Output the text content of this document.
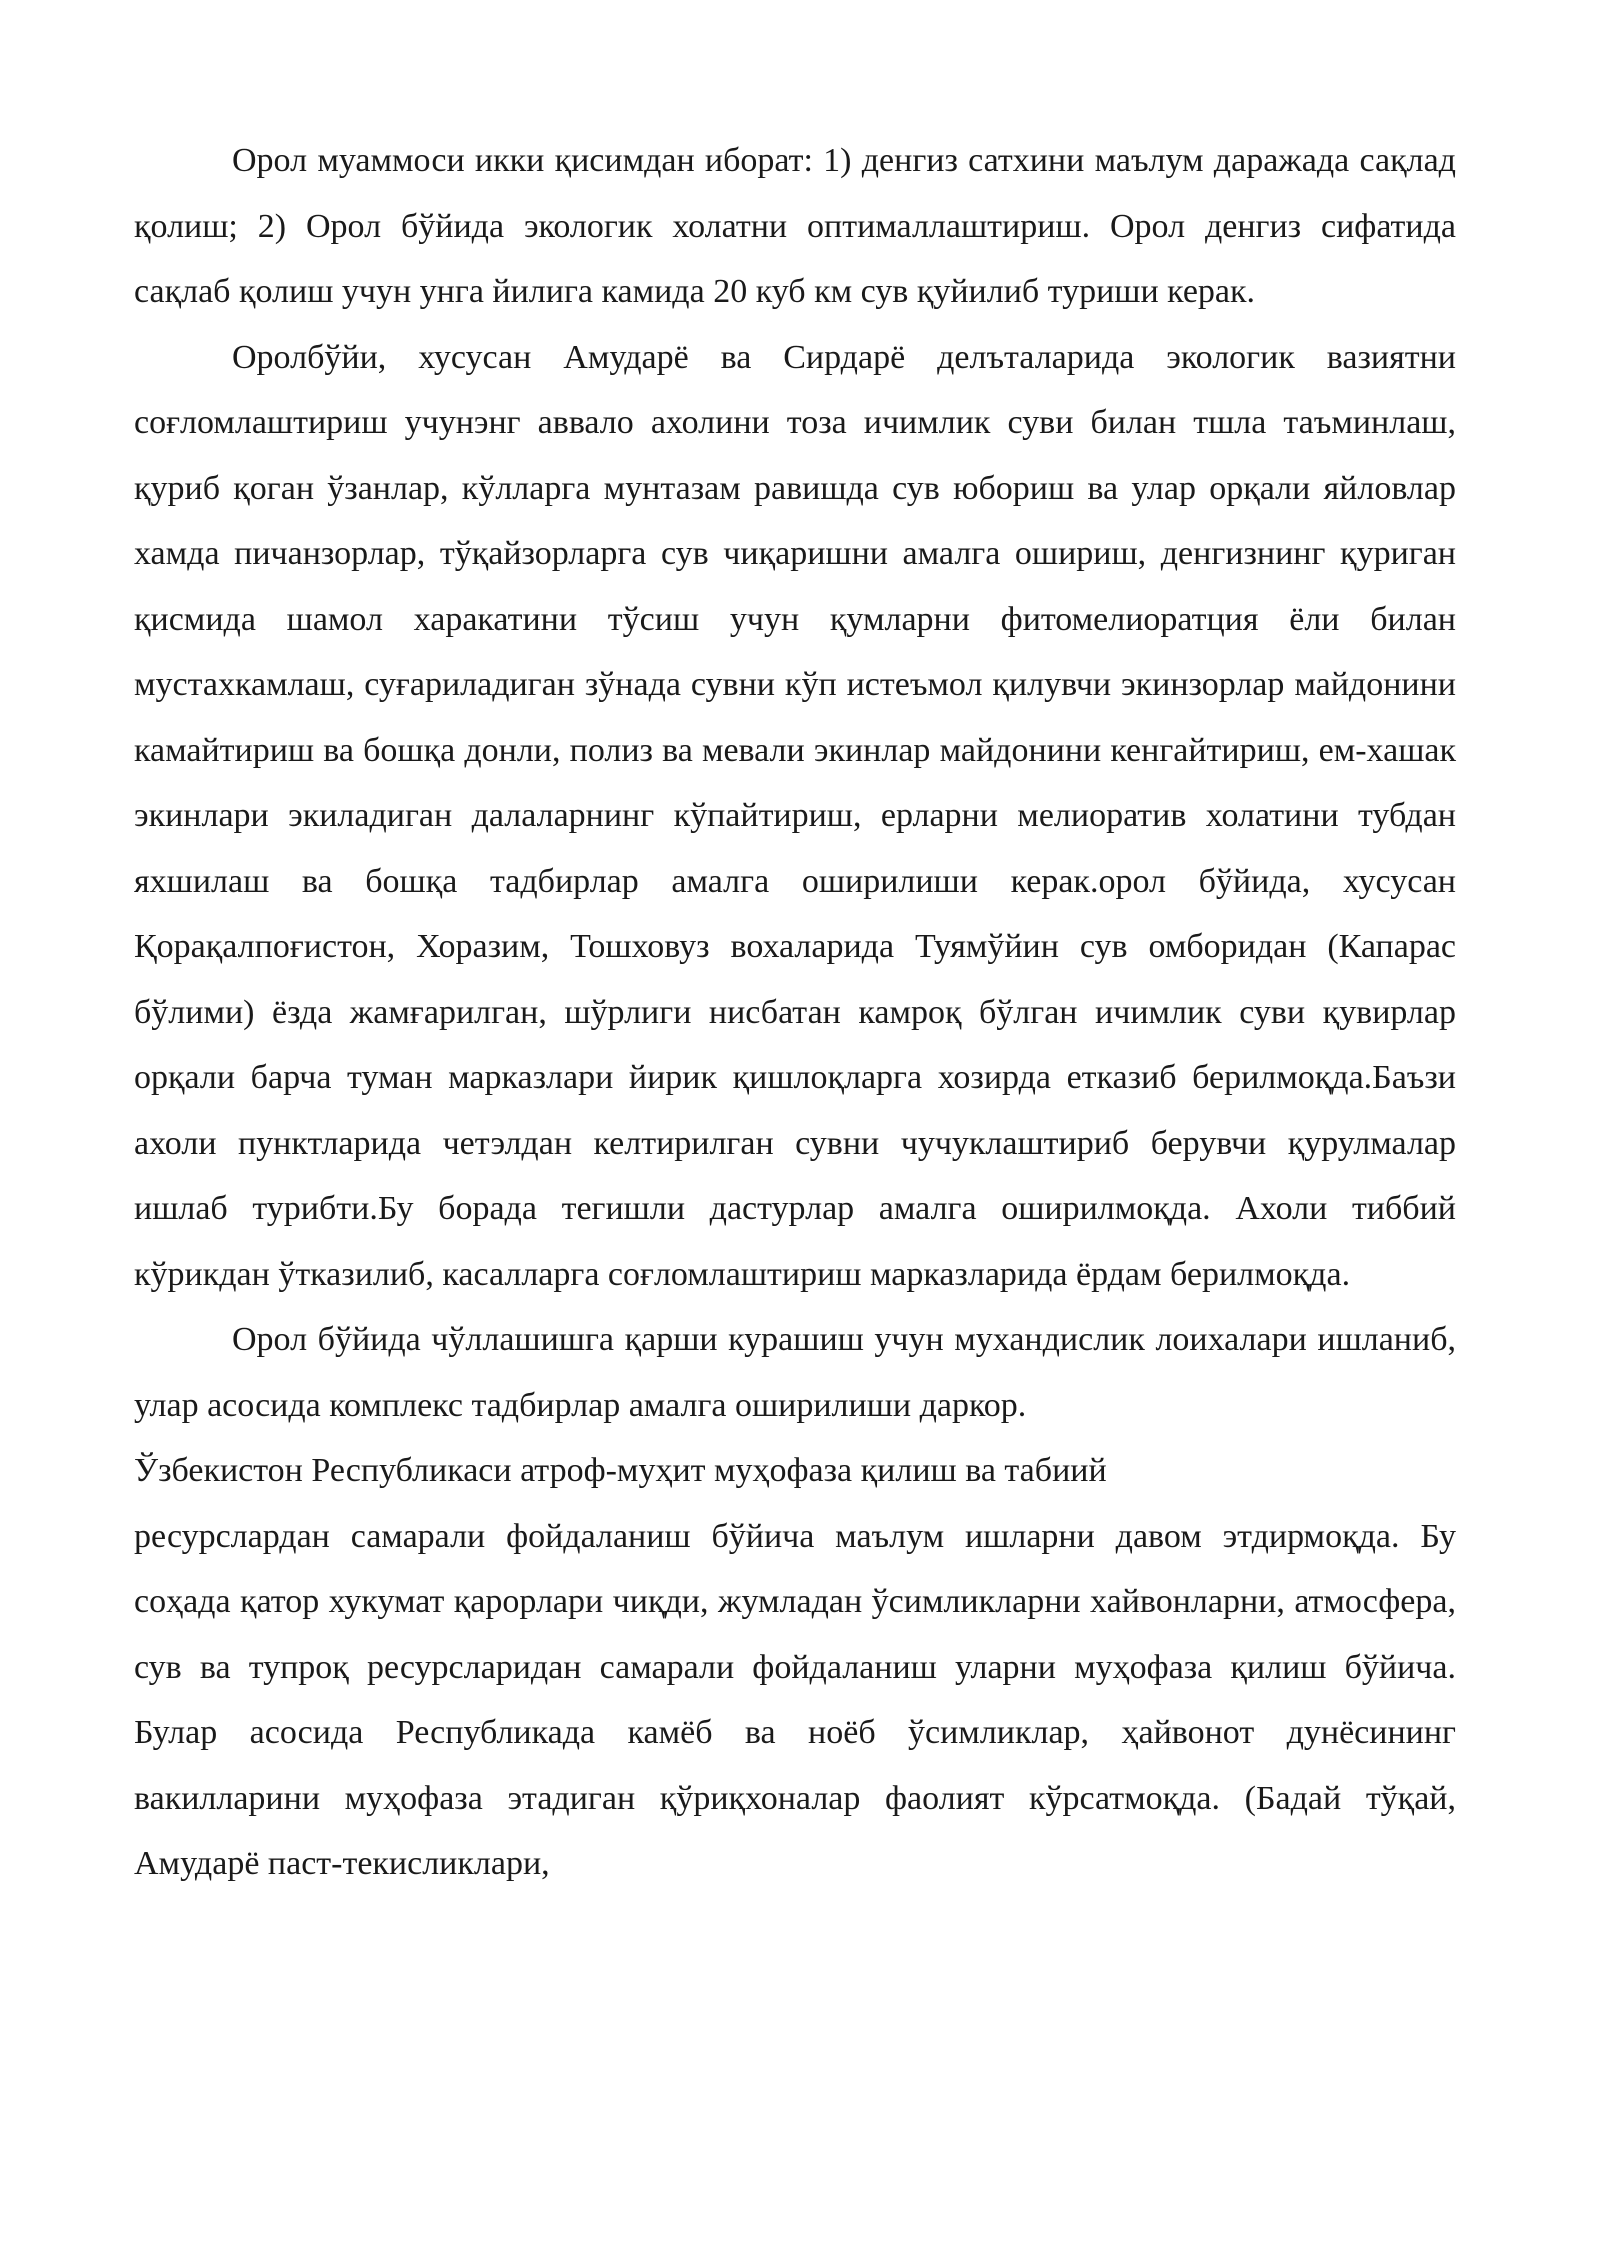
Орол муаммоси икки қисимдан иборат: 1) денгиз сатхини маълум даражада сақлад қолиш; 2) Орол бўйида экологик холатни оптималлаштириш. Орол денгиз сифатида сақлаб қолиш учун унга йилига камида 20 куб км сув қуйилиб туриши керак.

Оролбўйи, хусусан Амударё ва Сирдарё делъталарида экологик вазиятни соғломлаштириш учунэнг аввало ахолини тоза ичимлик суви билан тшла таъминлаш, қуриб қоган ўзанлар, кўлларга мунтазам равишда сув юбориш ва улар орқали яйловлар хамда пичанзорлар, тўқайзорларга сув чиқаришни амалга ошириш, денгизнинг қуриган қисмида шамол харакатини тўсиш учун қумларни фитомелиоратция ёли билан мустахкамлаш, суғариладиган зўнада сувни кўп истеъмол қилувчи экинзорлар майдонини камайтириш ва бошқа донли, полиз ва мевали экинлар майдонини кенгайтириш, ем-хашак экинлари экиладиган далаларнинг кўпайтириш, ерларни мелиоратив холатини тубдан яхшилаш ва бошқа тадбирлар амалга оширилиши керак.орол бўйида, хусусан Қорақалпоғистон, Хоразим, Тошховуз вохаларида Туямўйин сув омборидан (Капарас бўлими) ёзда жамғарилган, шўрлиги нисбатан камроқ бўлган ичимлик суви қувирлар орқали барча туман марказлари йирик қишлоқларга хозирда етказиб берилмоқда.Баъзи ахоли пунктларида четэлдан келтирилган сувни чучуклаштириб берувчи қурулмалар ишлаб турибти.Бу борада тегишли дастурлар амалга оширилмоқда. Ахоли тиббий кўрикдан ўтказилиб, касалларга соғломлаштириш марказларида ёрдам берилмоқда.

Орол бўйида чўллашишга қарши курашиш учун мухандислик лоихалари ишланиб, улар асосида комплекс тадбирлар амалга оширилиши даркор.

Ўзбекистон Республикаси атроф-муҳит муҳофаза қилиш ва табиий

ресурслардан самарали фойдаланиш бўйича маълум ишларни давом этдирмоқда. Бу соҳада қатор хукумат қарорлари чиқди, жумладан ўсимликларни хайвонларни, атмосфера, сув ва тупроқ ресурсларидан самарали фойдаланиш уларни муҳофаза қилиш бўйича. Булар асосида Республикада камёб ва ноёб ўсимликлар, ҳайвонот дунёсининг вакилларини муҳофаза этадиган қўриқхоналар фаолият кўрсатмоқда. (Бадай тўқай, Амударё паст-текисликлари,
